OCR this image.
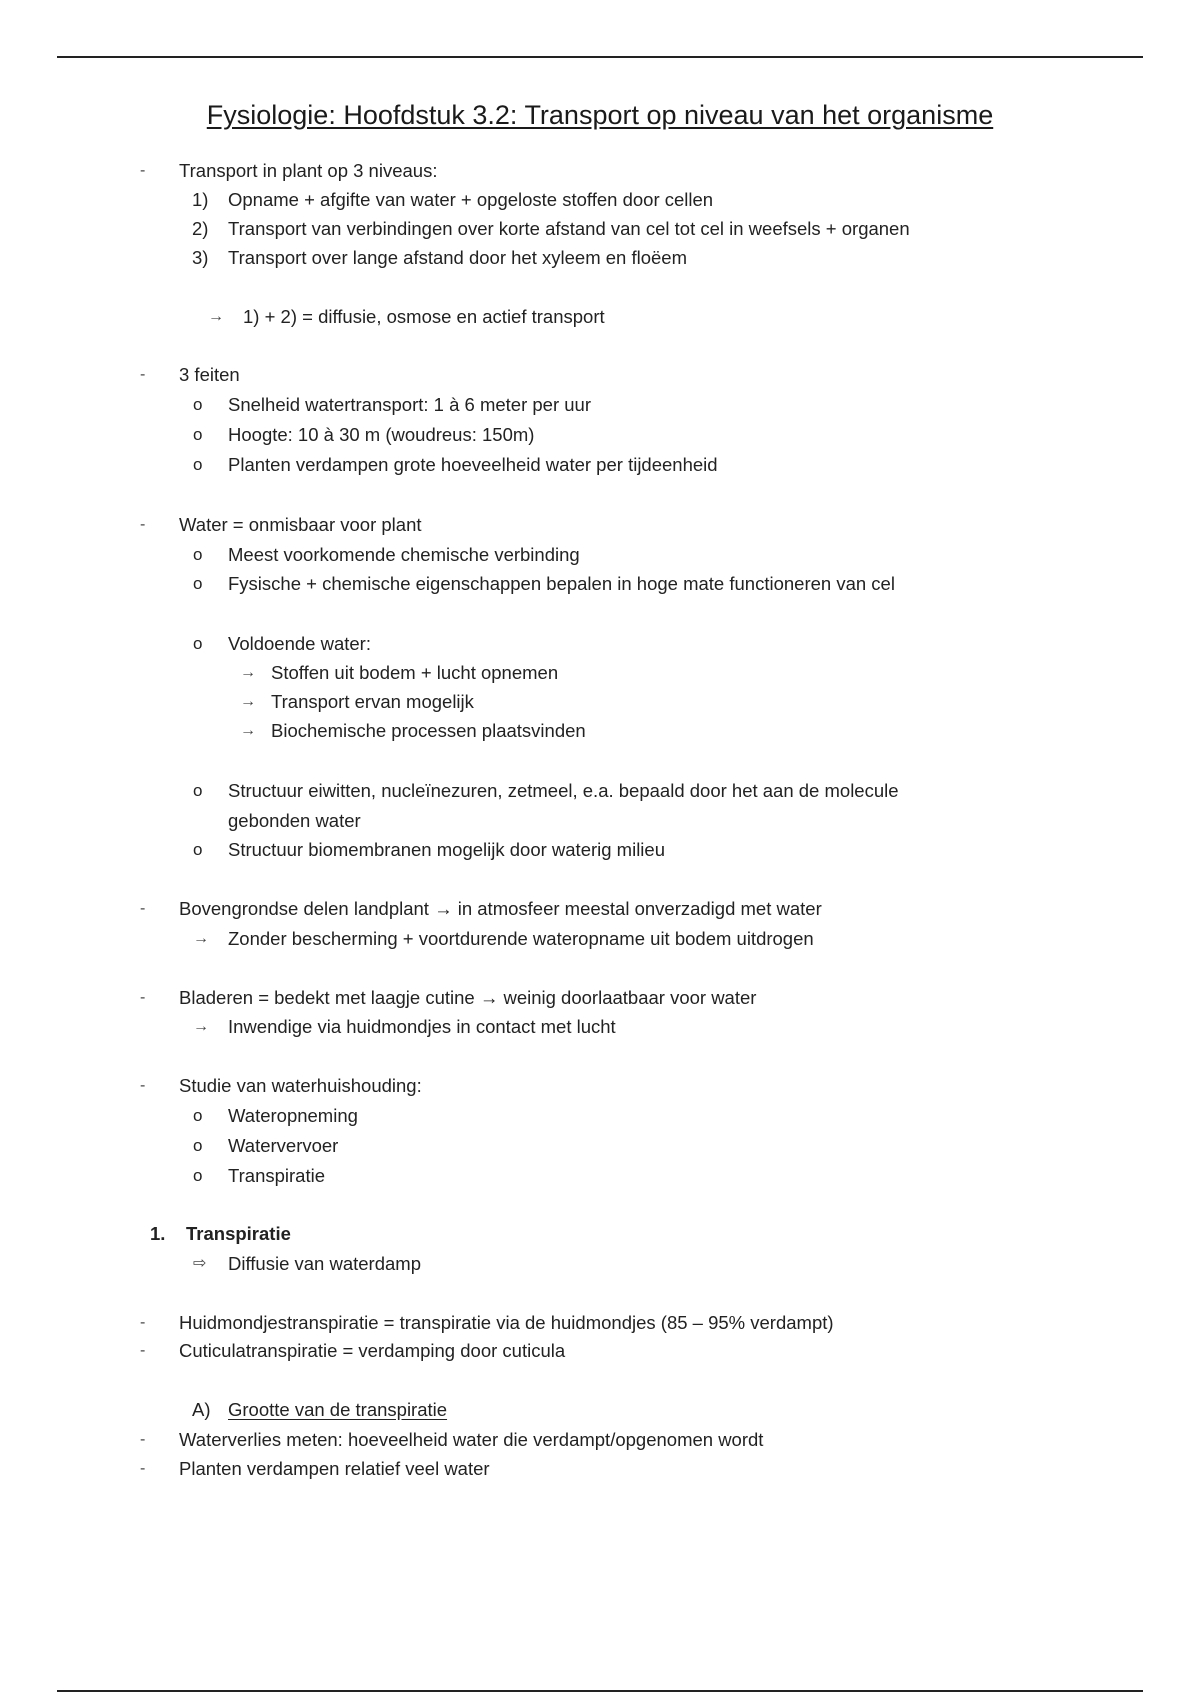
Fysiologie: Hoofdstuk 3.2: Transport op niveau van het organisme
- Transport in plant op 3 niveaus:
1) Opname + afgifte van water + opgeloste stoffen door cellen
2) Transport van verbindingen over korte afstand van cel tot cel in weefsels + organen
3) Transport over lange afstand door het xyleem en floëem
→ 1) + 2) = diffusie, osmose en actief transport
- 3 feiten
o Snelheid watertransport: 1 à 6 meter per uur
o Hoogte: 10 à 30 m (woudreus: 150m)
o Planten verdampen grote hoeveelheid water per tijdeenheid
- Water = onmisbaar voor plant
o Meest voorkomende chemische verbinding
o Fysische + chemische eigenschappen bepalen in hoge mate functioneren van cel
o Voldoende water:
→ Stoffen uit bodem + lucht opnemen
→ Transport ervan mogelijk
→ Biochemische processen plaatsvinden
o Structuur eiwitten, nucleïnezuren, zetmeel, e.a. bepaald door het aan de molecule
gebonden water
o Structuur biomembranen mogelijk door waterig milieu
- Bovengrondse delen landplant → in atmosfeer meestal onverzadigd met water
→ Zonder bescherming + voortdurende wateropname uit bodem uitdrogen
- Bladeren = bedekt met laagje cutine → weinig doorlaatbaar voor water
→ Inwendige via huidmondjes in contact met lucht
- Studie van waterhuishouding:
o Wateropneming
o Watervervoer
o Transpiratie
1. Transpiratie
⇨ Diffusie van waterdamp
- Huidmondjestranspiratie = transpiratie via de huidmondjes (85 – 95% verdampt)
- Cuticulatranspiratie = verdamping door cuticula
A) Grootte van de transpiratie
- Waterverlies meten: hoeveelheid water die verdampt/opgenomen wordt
- Planten verdampen relatief veel water
